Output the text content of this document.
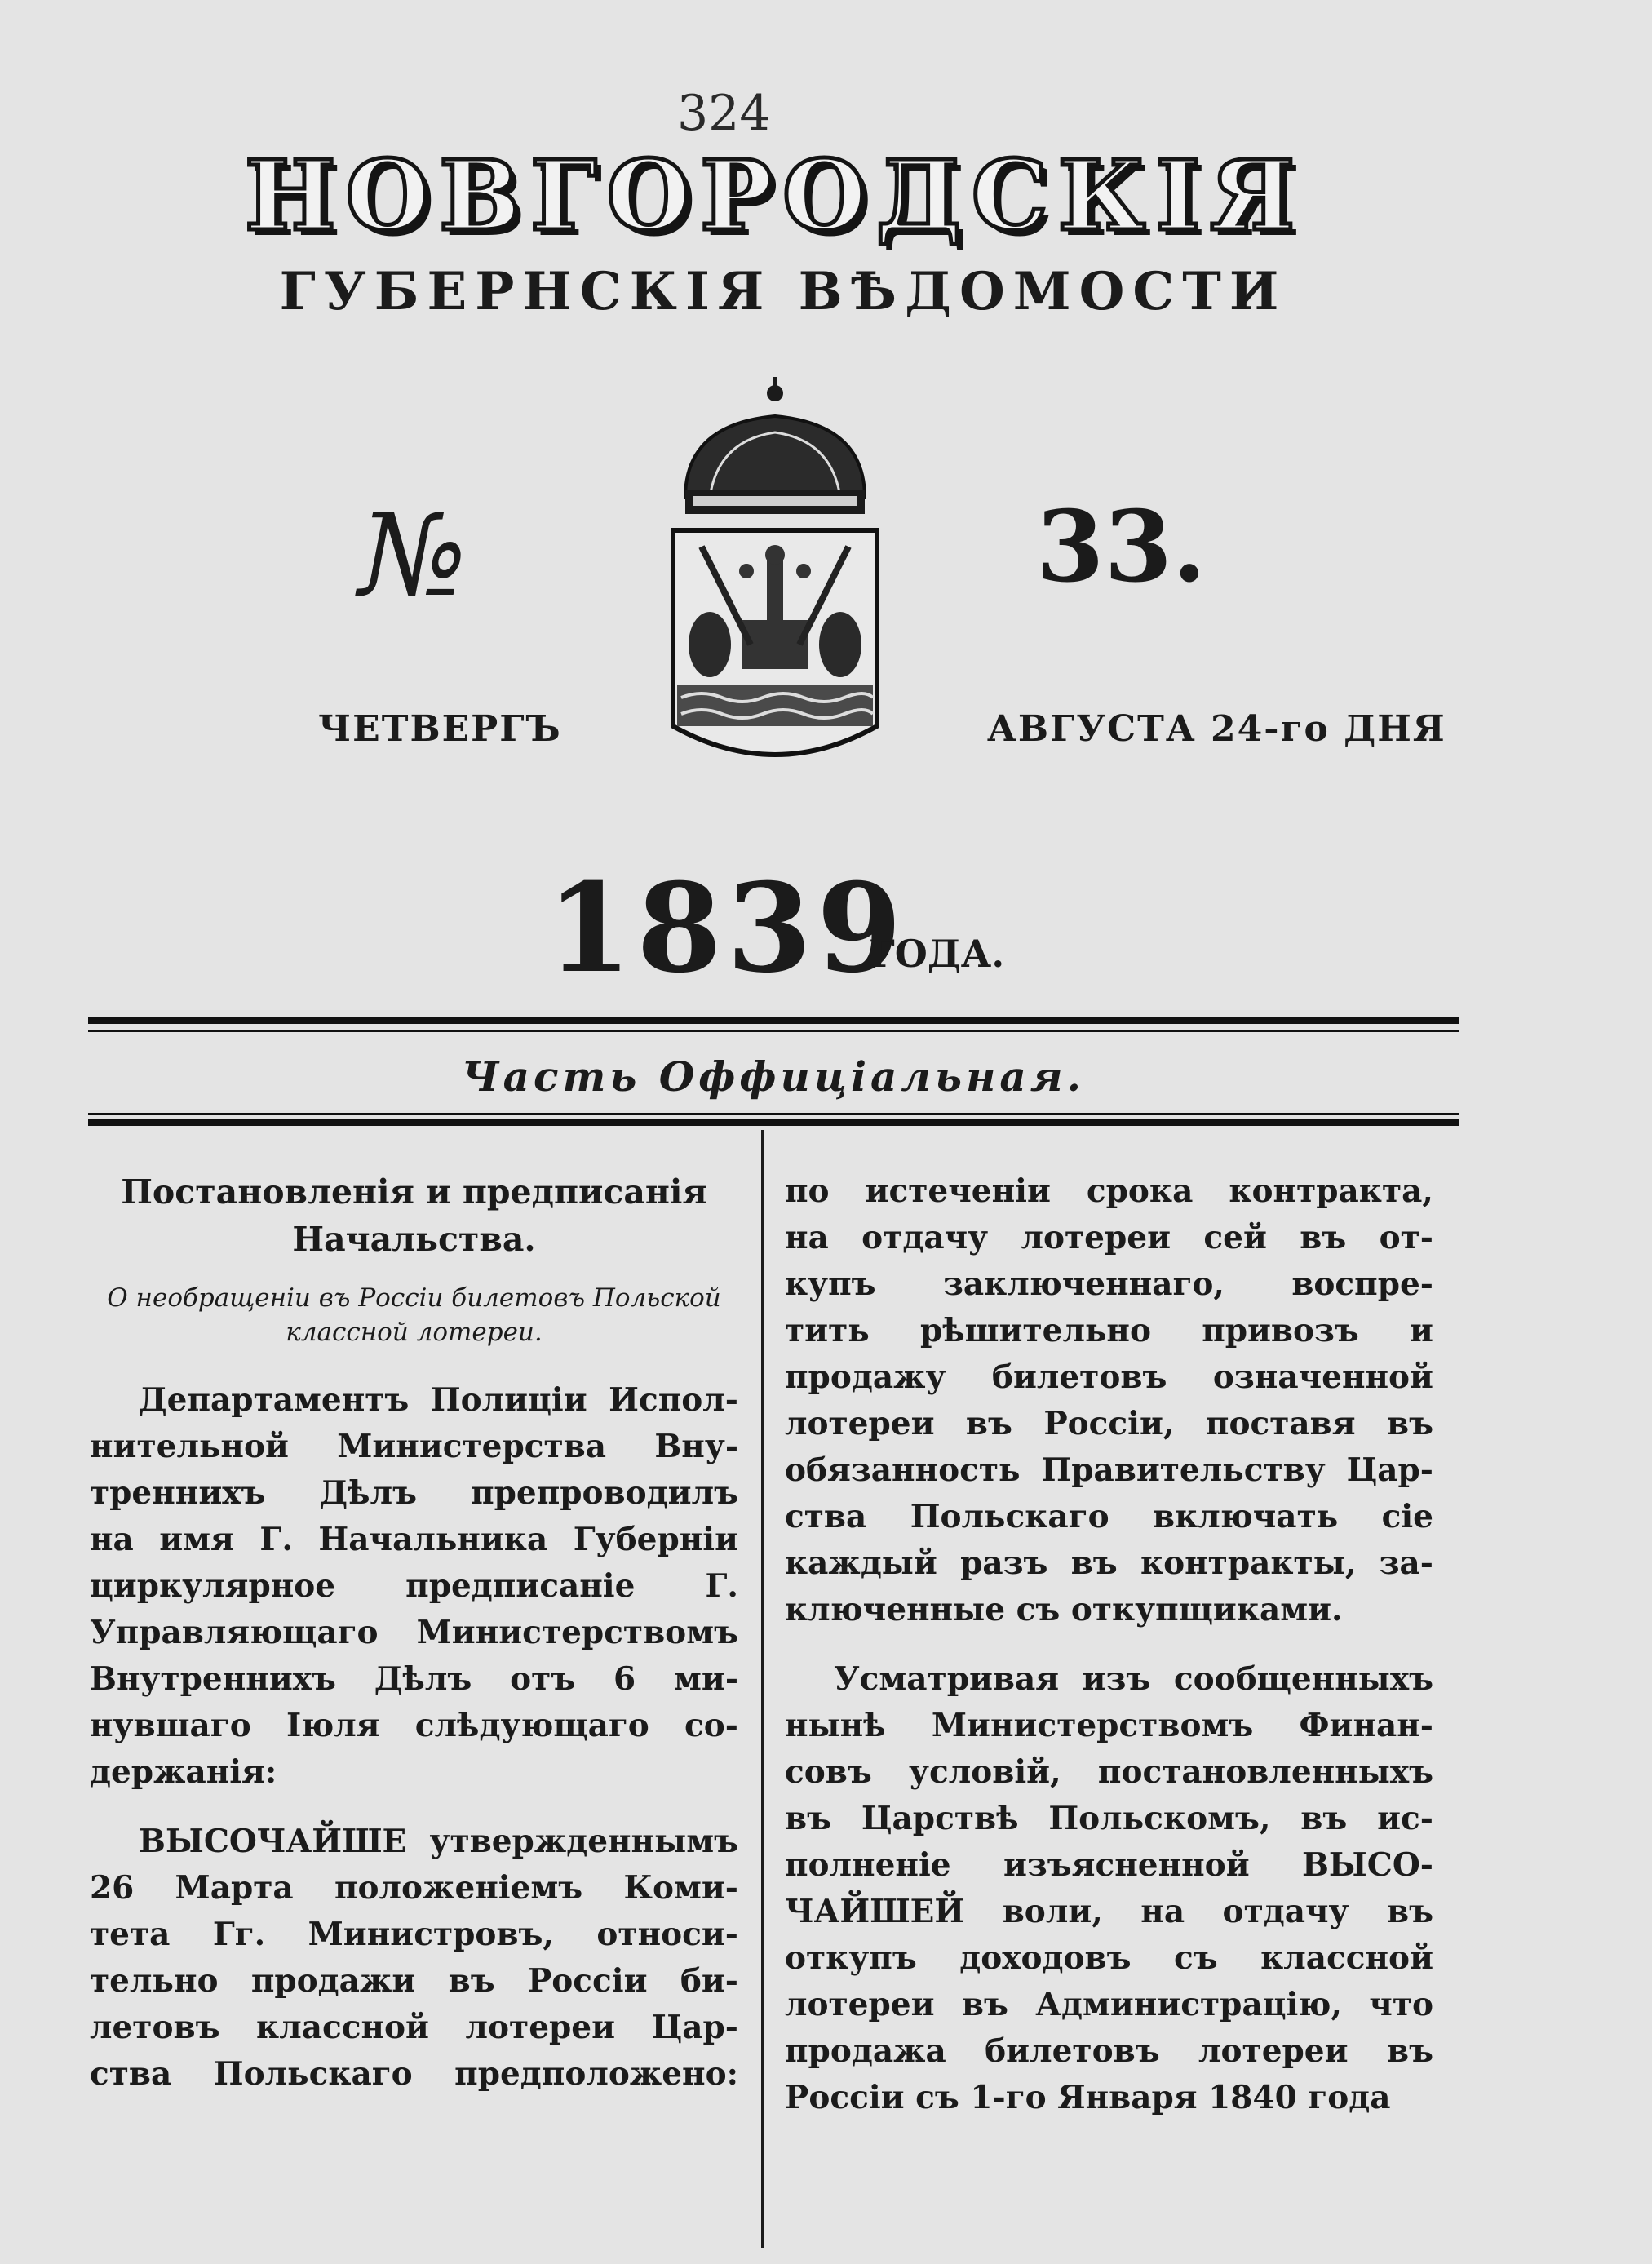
324
НОВГОРОДСКІЯ
ГУБЕРНСКІЯ ВѢДОМОСТИ
№	33.
ЧЕТВЕРГЪ	АВГУСТА 24-го ДНЯ
1839
ГОДА.
Часть Оффиціальная.
Постановленія и предписанія
Начальства.
О необращеніи въ Россіи билетовъ Польской
классной лотереи.

Департаментъ Полиціи Испол-
нительной Министерства Вну-
треннихъ Дѣлъ препроводилъ
на имя Г. Начальника Губерніи
циркулярное предписаніе Г.
Управляющаго Министерствомъ
Внутреннихъ Дѣлъ отъ 6 ми-
нувшаго Іюля слѣдующаго со-
держанія:

ВЫСОЧАЙШЕ утвержденнымъ
26 Марта положеніемъ Коми-
тета Гг. Министровъ, относи-
тельно продажи въ Россіи би-
летовъ классной лотереи Цар-
ства Польскаго предположено:

по истеченіи срока контракта,
на отдачу лотереи сей въ от-
купъ заключеннаго, воспре-
тить рѣшительно привозъ и
продажу билетовъ означенной
лотереи въ Россіи, поставя въ
обязанность Правительству Цар-
ства Польскаго включать сіе
каждый разъ въ контракты, за-
ключенные съ откупщиками.

Усматривая изъ сообщенныхъ
нынѣ Министерствомъ Финан-
совъ условій, постановленныхъ
въ Царствѣ Польскомъ, въ ис-
полненіе изъясненной ВЫСО-
ЧАЙШЕЙ воли, на отдачу въ
откупъ доходовъ съ классной
лотереи въ Администрацію, что
продажа билетовъ лотереи въ
Россіи съ 1-го Января 1840 года
